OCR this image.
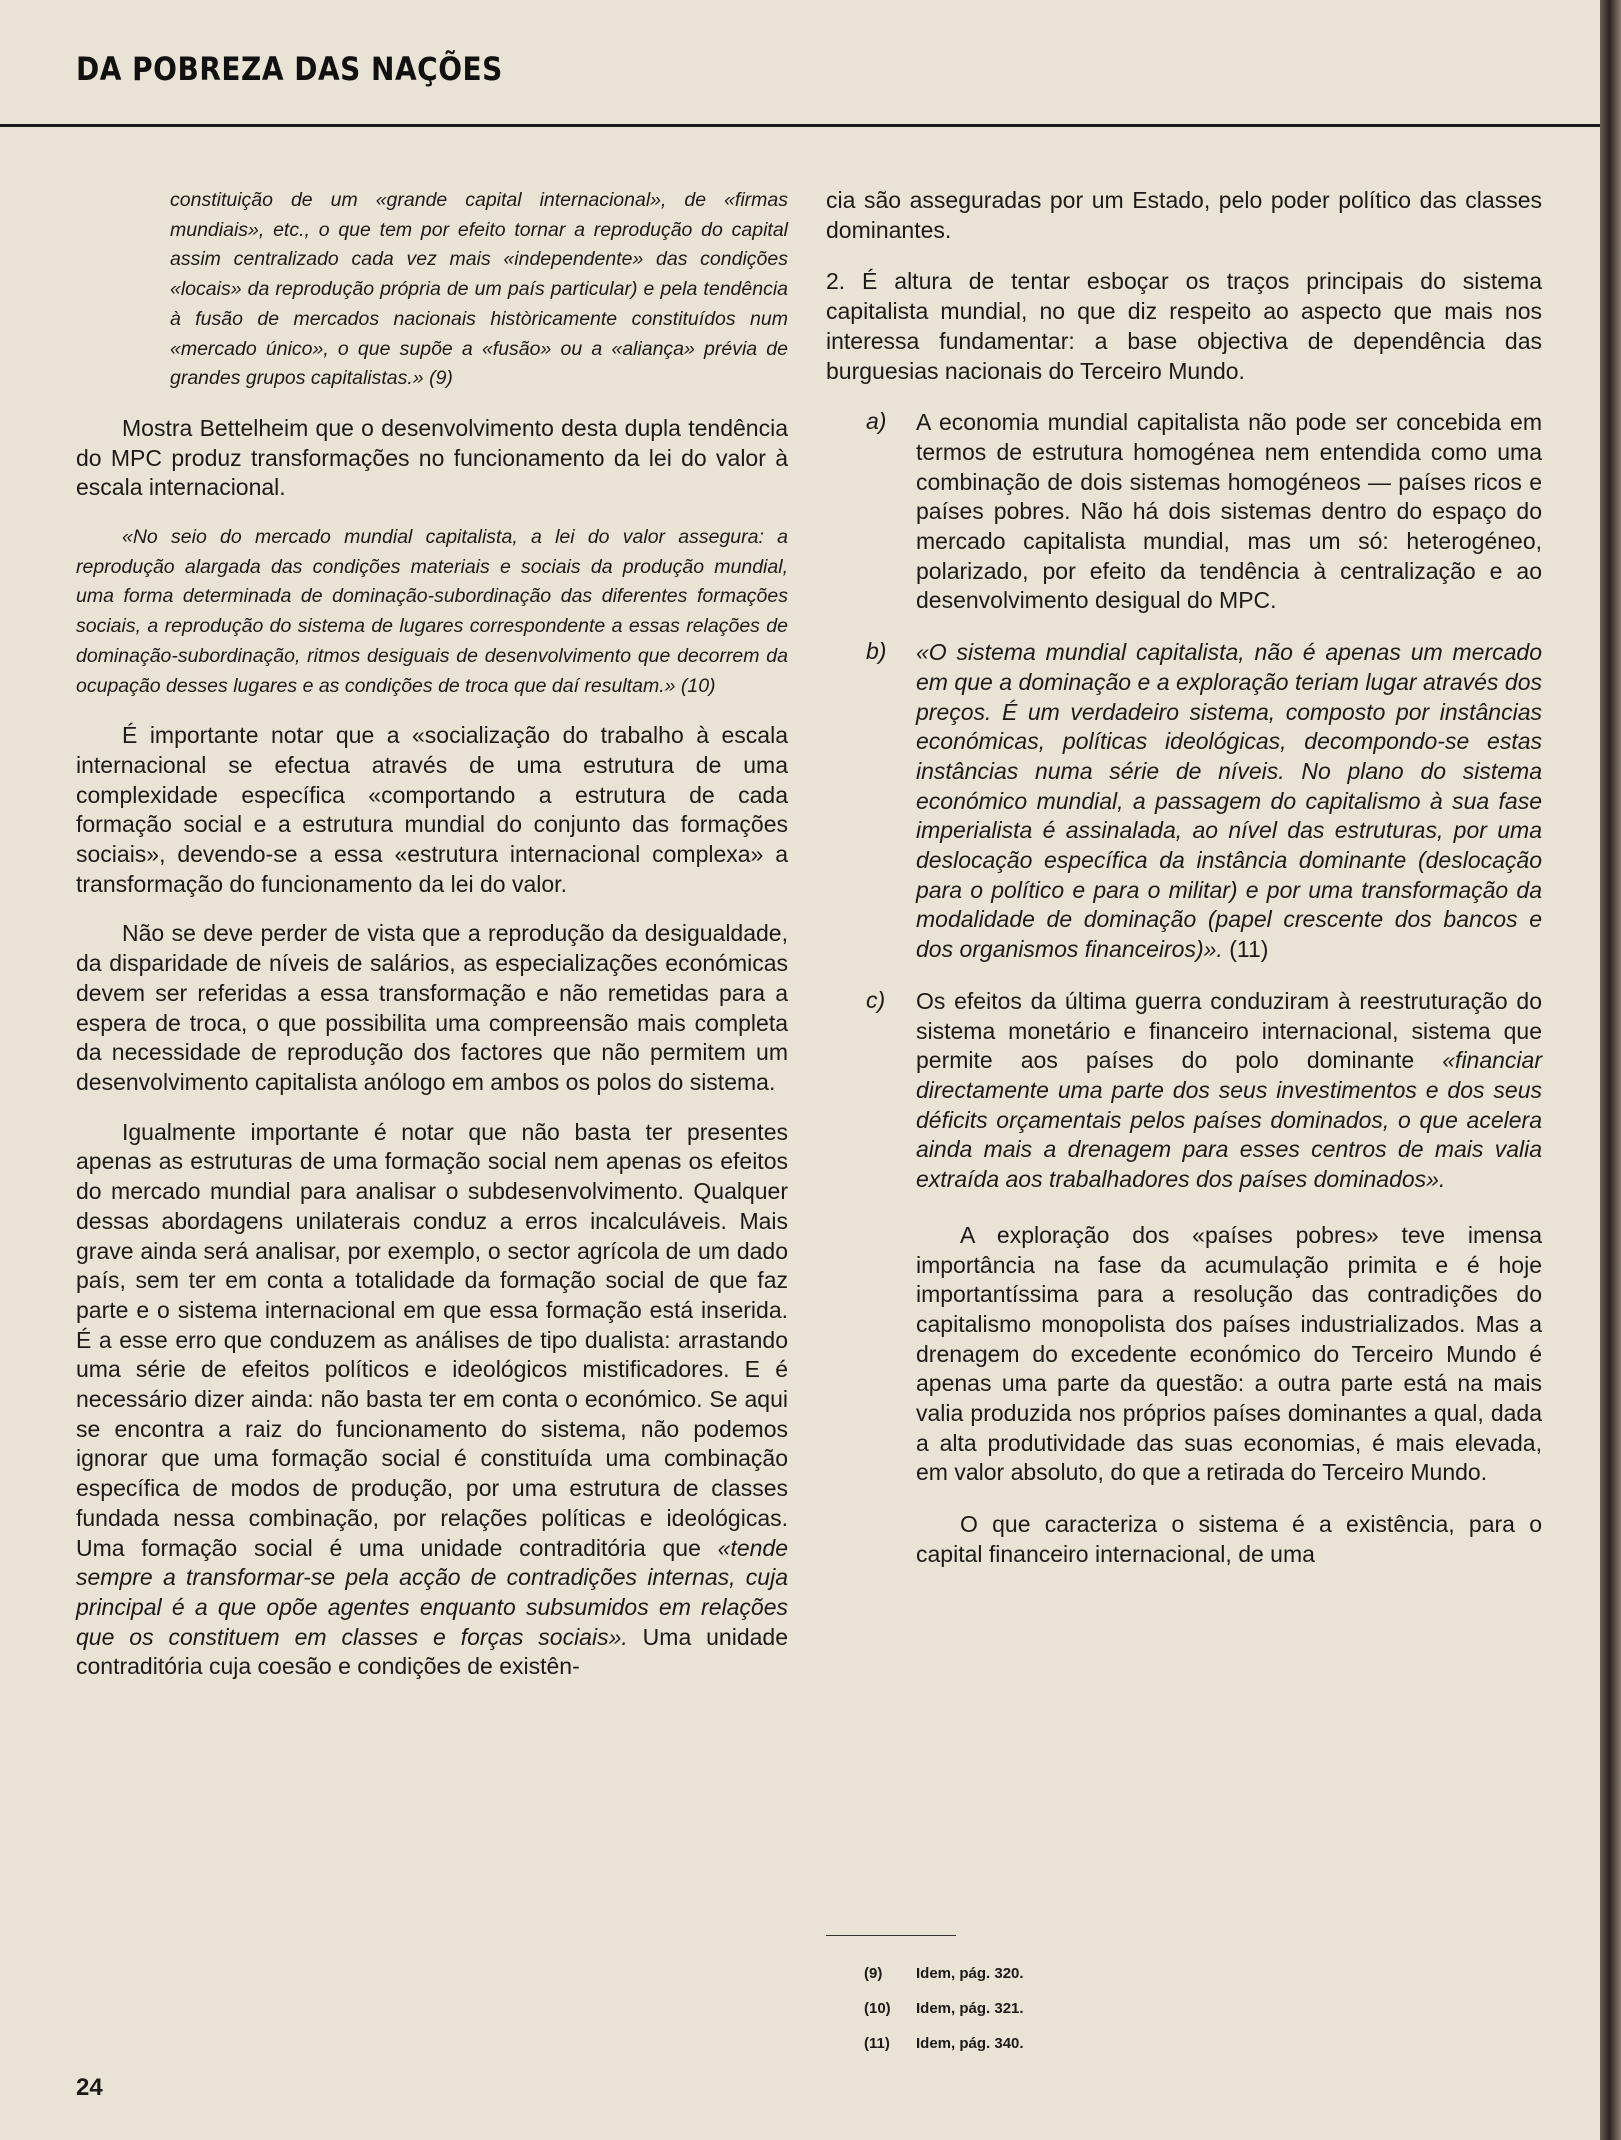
DA POBREZA DAS NAÇÕES

constituição de um «grande capital internacional», de «firmas mundiais», etc., o que tem por efeito tornar a reprodução do capital assim centralizado cada vez mais «independente» das condições «locais» da reprodução própria de um país particular) e pela tendência à fusão de mercados nacionais històricamente constituídos num «mercado único», o que supõe a «fusão» ou a «aliança» prévia de grandes grupos capitalistas.» (9)

Mostra Bettelheim que o desenvolvimento desta dupla tendência do MPC produz transformações no funcionamento da lei do valor à escala internacional.

«No seio do mercado mundial capitalista, a lei do valor assegura: a reprodução alargada das condições materiais e sociais da produção mundial, uma forma determinada de dominação-subordinação das diferentes formações sociais, a reprodução do sistema de lugares correspondente a essas relações de dominação-subordinação, ritmos desiguais de desenvolvimento que decorrem da ocupação desses lugares e as condições de troca que daí resultam.» (10)

É importante notar que a «socialização do trabalho à escala internacional se efectua através de uma estrutura de uma complexidade específica «comportando a estrutura de cada formação social e a estrutura mundial do conjunto das formações sociais», devendo-se a essa «estrutura internacional complexa» a transformação do funcionamento da lei do valor.

Não se deve perder de vista que a reprodução da desigualdade, da disparidade de níveis de salários, as especializações económicas devem ser referidas a essa transformação e não remetidas para a espera de troca, o que possibilita uma compreensão mais completa da necessidade de reprodução dos factores que não permitem um desenvolvimento capitalista anólogo em ambos os polos do sistema.

Igualmente importante é notar que não basta ter presentes apenas as estruturas de uma formação social nem apenas os efeitos do mercado mundial para analisar o subdesenvolvimento. Qualquer dessas abordagens unilaterais conduz a erros incalculáveis. Mais grave ainda será analisar, por exemplo, o sector agrícola de um dado país, sem ter em conta a totalidade da formação social de que faz parte e o sistema internacional em que essa formação está inserida. É a esse erro que conduzem as análises de tipo dualista: arrastando uma série de efeitos políticos e ideológicos mistificadores. E é necessário dizer ainda: não basta ter em conta o económico. Se aqui se encontra a raiz do funcionamento do sistema, não podemos ignorar que uma formação social é constituída uma combinação específica de modos de produção, por uma estrutura de classes fundada nessa combinação, por relações políticas e ideológicas. Uma formação social é uma unidade contraditória que «tende sempre a transformar-se pela acção de contradições internas, cuja principal é a que opõe agentes enquanto subsumidos em relações que os constituem em classes e forças sociais». Uma unidade contraditória cuja coesão e condições de existên-

cia são asseguradas por um Estado, pelo poder político das classes dominantes.

2. É altura de tentar esboçar os traços principais do sistema capitalista mundial, no que diz respeito ao aspecto que mais nos interessa fundamentar: a base objectiva de dependência das burguesias nacionais do Terceiro Mundo.

a) A economia mundial capitalista não pode ser concebida em termos de estrutura homogénea nem entendida como uma combinação de dois sistemas homogéneos — países ricos e países pobres. Não há dois sistemas dentro do espaço do mercado capitalista mundial, mas um só: heterogéneo, polarizado, por efeito da tendência à centralização e ao desenvolvimento desigual do MPC.

b) «O sistema mundial capitalista, não é apenas um mercado em que a dominação e a exploração teriam lugar através dos preços. É um verdadeiro sistema, composto por instâncias económicas, políticas ideológicas, decompondo-se estas instâncias numa série de níveis. No plano do sistema económico mundial, a passagem do capitalismo à sua fase imperialista é assinalada, ao nível das estruturas, por uma deslocação específica da instância dominante (deslocação para o político e para o militar) e por uma transformação da modalidade de dominação (papel crescente dos bancos e dos organismos financeiros)». (11)

c) Os efeitos da última guerra conduziram à reestruturação do sistema monetário e financeiro internacional, sistema que permite aos países do polo dominante «financiar directamente uma parte dos seus investimentos e dos seus déficits orçamentais pelos países dominados, o que acelera ainda mais a drenagem para esses centros de mais valia extraída aos trabalhadores dos países dominados».

A exploração dos «países pobres» teve imensa importância na fase da acumulação primita e é hoje importantíssima para a resolução das contradições do capitalismo monopolista dos países industrializados. Mas a drenagem do excedente económico do Terceiro Mundo é apenas uma parte da questão: a outra parte está na mais valia produzida nos próprios países dominantes a qual, dada a alta produtividade das suas economias, é mais elevada, em valor absoluto, do que a retirada do Terceiro Mundo.

O que caracteriza o sistema é a existência, para o capital financeiro internacional, de uma

(9) Idem, pág. 320.
(10) Idem, pág. 321.
(11) Idem, pág. 340.
24
